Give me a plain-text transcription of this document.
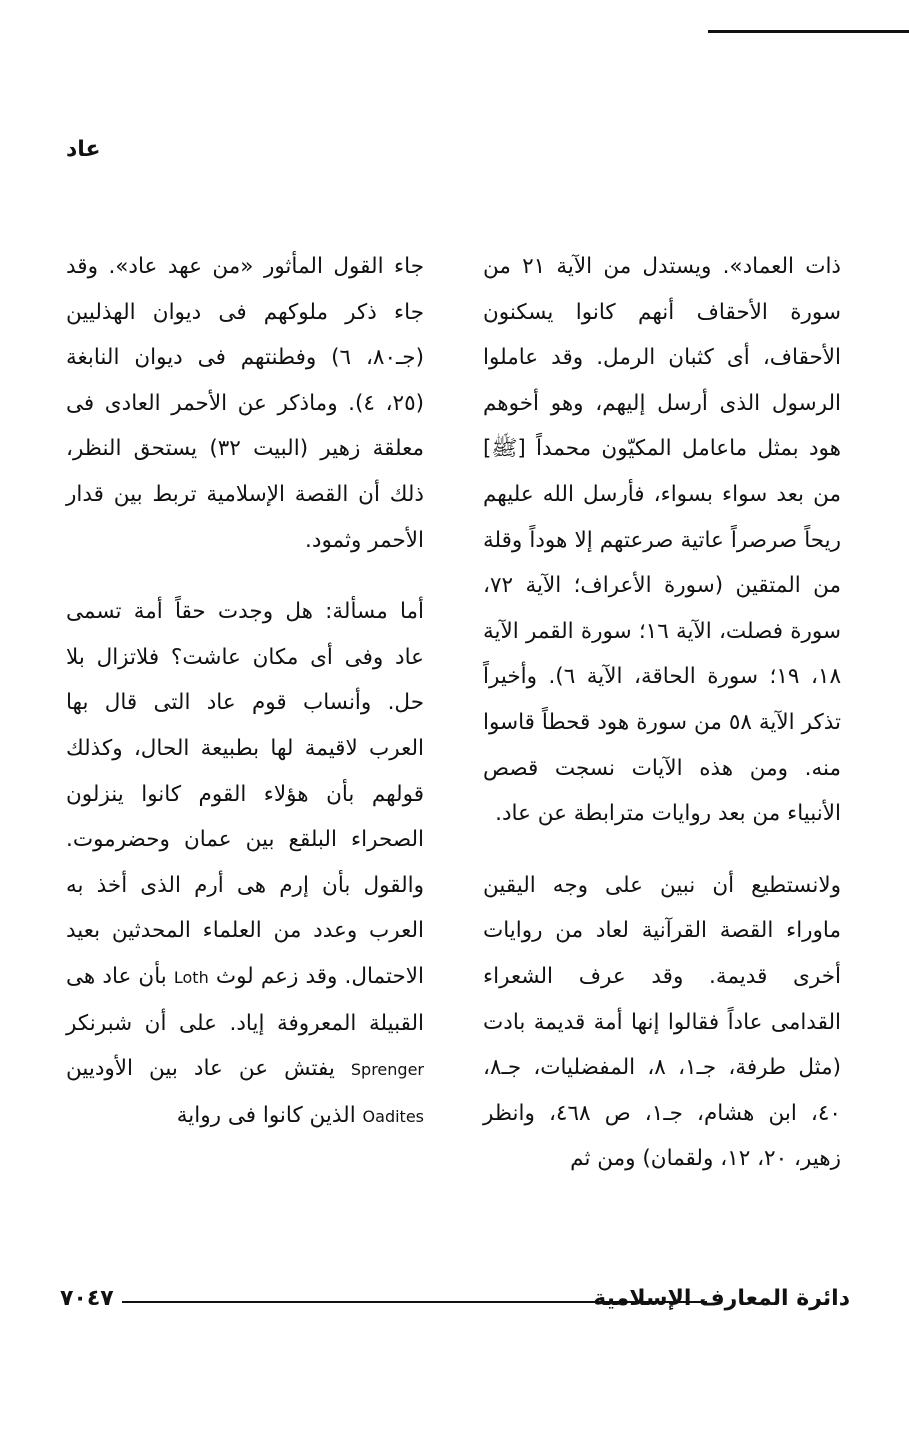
عاد

ذات العماد». ويستدل من الآية ٢١ من سورة الأحقاف أنهم كانوا يسكنون الأحقاف، أى كثبان الرمل. وقد عاملوا الرسول الذى أرسل إليهم، وهو أخوهم هود بمثل ماعامل المكيّون محمداً [ﷺ] من بعد سواء بسواء، فأرسل الله عليهم ريحاً صرصراً عاتية صرعتهم إلا هوداً وقلة من المتقين (سورة الأعراف؛ الآية ٧٢، سورة فصلت، الآية ١٦؛ سورة القمر الآية ١٨، ١٩؛ سورة الحاقة، الآية ٦). وأخيراً تذكر الآية ٥٨ من سورة هود قحطاً قاسوا منه. ومن هذه الآيات نسجت قصص الأنبياء من بعد روايات مترابطة عن عاد.

ولانستطيع أن نبين على وجه اليقين ماوراء القصة القرآنية لعاد من روايات أخرى قديمة. وقد عرف الشعراء القدامى عاداً فقالوا إنها أمة قديمة بادت (مثل طرفة، جـ١، ٨، المفضليات، جـ٨، ٤٠، ابن هشام، جـ١، ص ٤٦٨، وانظر زهير، ٢٠، ١٢، ولقمان) ومن ثم

جاء القول المأثور «من عهد عاد». وقد جاء ذكر ملوكهم فى ديوان الهذليين (جـ٨٠، ٦) وفطنتهم فى ديوان النابغة (٢٥، ٤). وماذكر عن الأحمر العادى فى معلقة زهير (البيت ٣٢) يستحق النظر، ذلك أن القصة الإسلامية تربط بين قدار الأحمر وثمود.

أما مسألة: هل وجدت حقاً أمة تسمى عاد وفى أى مكان عاشت؟ فلاتزال بلا حل. وأنساب قوم عاد التى قال بها العرب لاقيمة لها بطبيعة الحال، وكذلك قولهم بأن هؤلاء القوم كانوا ينزلون الصحراء البلقع بين عمان وحضرموت. والقول بأن إرم هى أرم الذى أخذ به العرب وعدد من العلماء المحدثين بعيد الاحتمال. وقد زعم لوث Loth بأن عاد هى القبيلة المعروفة إياد. على أن شبرنكر Sprenger يفتش عن عاد بين الأوديين Oadites الذين كانوا فى رواية

٧٠٤٧	دائرة المعارف الإسلامية
